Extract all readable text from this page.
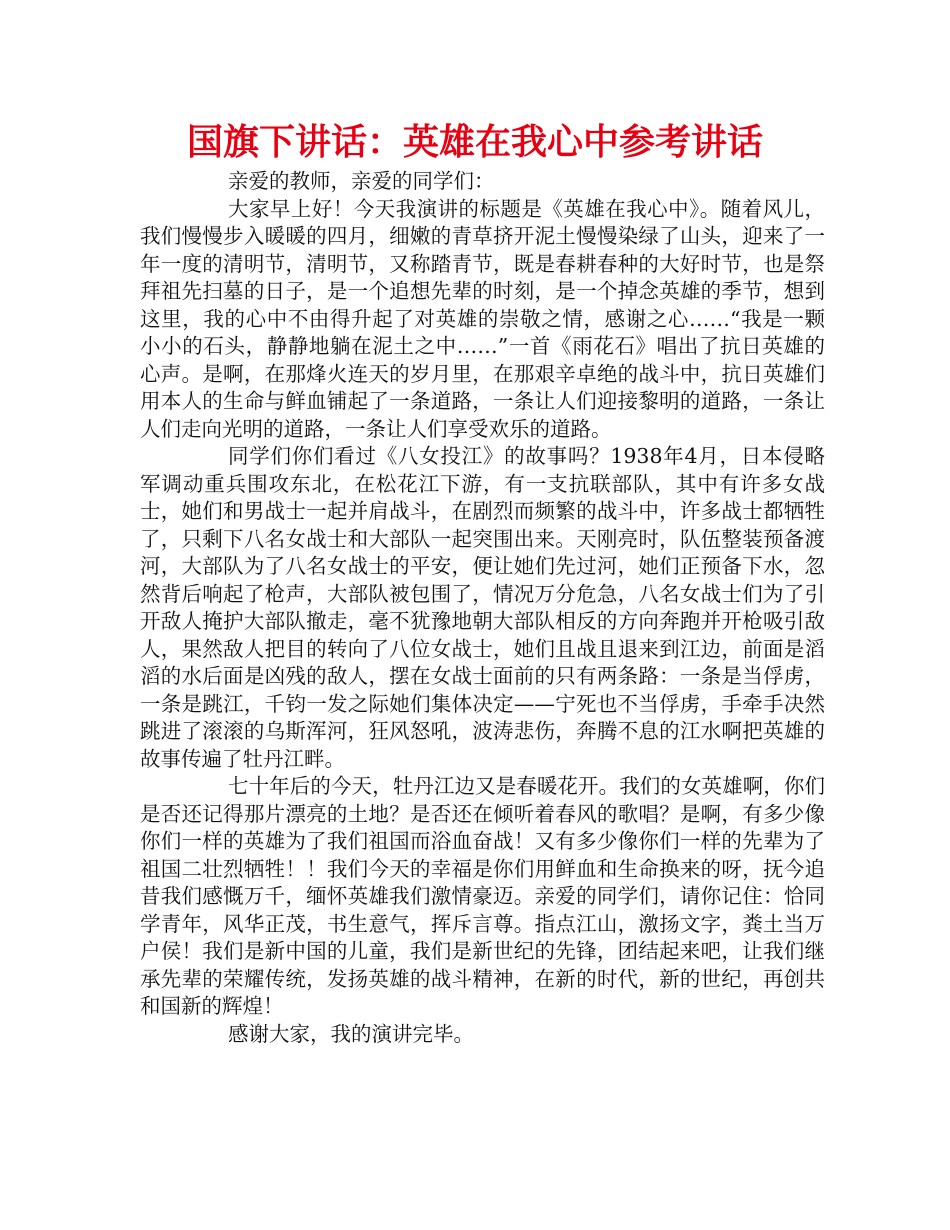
国旗下讲话：英雄在我心中参考讲话

亲爱的教师，亲爱的同学们：

大家早上好！今天我演讲的标题是《英雄在我心中》。随着风儿，我们慢慢步入暖暖的四月，细嫩的青草挤开泥土慢慢染绿了山头，迎来了一年一度的清明节，清明节，又称踏青节，既是春耕春种的大好时节，也是祭拜祖先扫墓的日子，是一个追想先辈的时刻，是一个掉念英雄的季节，想到这里，我的心中不由得升起了对英雄的崇敬之情，感谢之心……“我是一颗小小的石头，静静地躺在泥土之中……”一首《雨花石》唱出了抗日英雄的心声。是啊，在那烽火连天的岁月里，在那艰辛卓绝的战斗中，抗日英雄们用本人的生命与鲜血铺起了一条道路，一条让人们迎接黎明的道路，一条让人们走向光明的道路，一条让人们享受欢乐的道路。

同学们你们看过《八女投江》的故事吗？1938年4月，日本侵略军调动重兵围攻东北，在松花江下游，有一支抗联部队，其中有许多女战士，她们和男战士一起并肩战斗，在剧烈而频繁的战斗中，许多战士都牺牲了，只剩下八名女战士和大部队一起突围出来。天刚亮时，队伍整装预备渡河，大部队为了八名女战士的平安，便让她们先过河，她们正预备下水，忽然背后响起了枪声，大部队被包围了，情况万分危急，八名女战士们为了引开敌人掩护大部队撤走，毫不犹豫地朝大部队相反的方向奔跑并开枪吸引敌人，果然敌人把目的转向了八位女战士，她们且战且退来到江边，前面是滔滔的水后面是凶残的敌人，摆在女战士面前的只有两条路：一条是当俘虏，一条是跳江，千钧一发之际她们集体决定——宁死也不当俘虏，手牵手决然跳进了滚滚的乌斯浑河，狂风怒吼，波涛悲伤，奔腾不息的江水啊把英雄的故事传遍了牡丹江畔。

七十年后的今天，牡丹江边又是春暖花开。我们的女英雄啊，你们是否还记得那片漂亮的土地？是否还在倾听着春风的歌唱？是啊，有多少像你们一样的英雄为了我们祖国而浴血奋战！又有多少像你们一样的先辈为了祖国二壮烈牺牲！！我们今天的幸福是你们用鲜血和生命换来的呀，抚今追昔我们感慨万千，缅怀英雄我们激情豪迈。亲爱的同学们，请你记住：恰同学青年，风华正茂，书生意气，挥斥言尊。指点江山，激扬文字，粪土当万户侯！我们是新中国的儿童，我们是新世纪的先锋，团结起来吧，让我们继承先辈的荣耀传统，发扬英雄的战斗精神，在新的时代，新的世纪，再创共和国新的辉煌！

感谢大家，我的演讲完毕。
